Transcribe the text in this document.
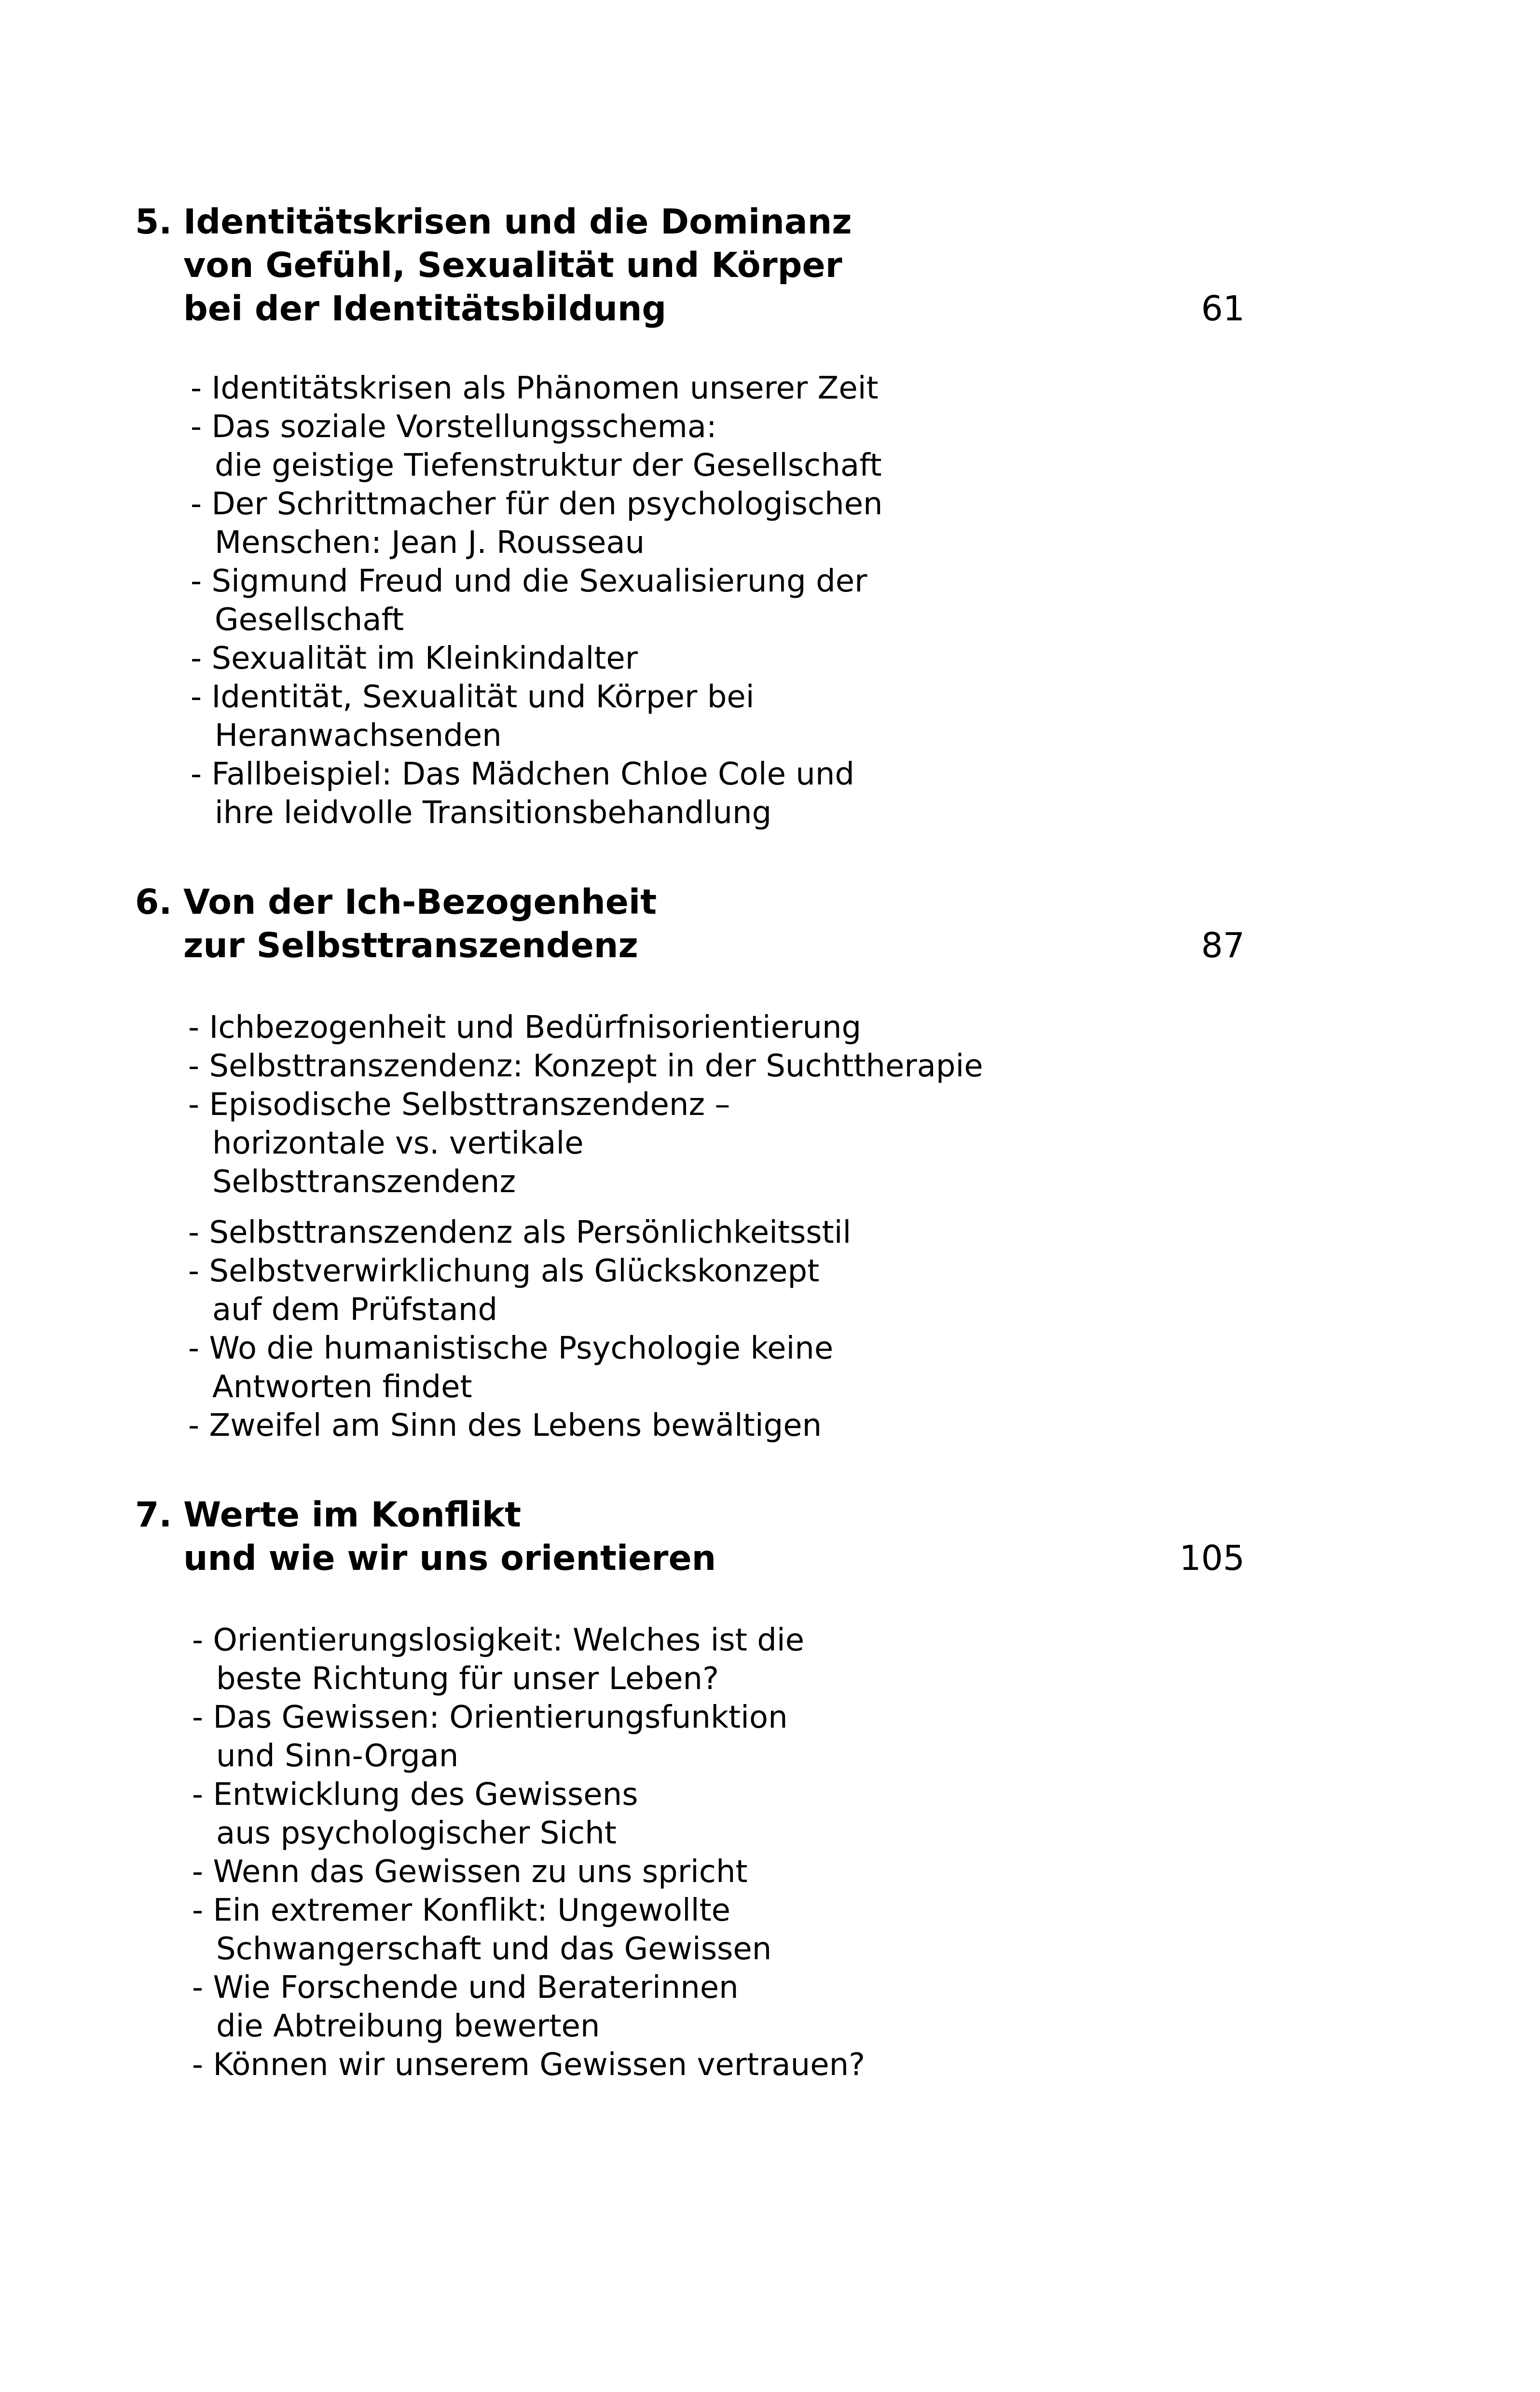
5. Identitätskrisen und die Dominanz
von Gefühl, Sexualität und Körper
bei der Identitätsbildung	61
- Identitätskrisen als Phänomen unserer Zeit
- Das soziale Vorstellungsschema:
die geistige Tiefenstruktur der Gesellschaft
- Der Schrittmacher für den psychologischen
Menschen: Jean J. Rousseau
- Sigmund Freud und die Sexualisierung der
Gesellschaft
- Sexualität im Kleinkindalter
- Identität, Sexualität und Körper bei
Heranwachsenden
- Fallbeispiel: Das Mädchen Chloe Cole und
ihre leidvolle Transitionsbehandlung
6. Von der Ich-Bezogenheit
zur Selbsttranszendenz	87
- Ichbezogenheit und Bedürfnisorientierung
- Selbsttranszendenz: Konzept in der Suchttherapie
- Episodische Selbsttranszendenz –
horizontale vs. vertikale
Selbsttranszendenz
- Selbsttranszendenz als Persönlichkeitsstil
- Selbstverwirklichung als Glückskonzept
auf dem Prüfstand
- Wo die humanistische Psychologie keine
Antworten findet
- Zweifel am Sinn des Lebens bewältigen
7. Werte im Konflikt
und wie wir uns orientieren	105
- Orientierungslosigkeit: Welches ist die
beste Richtung für unser Leben?
- Das Gewissen: Orientierungsfunktion
und Sinn-Organ
- Entwicklung des Gewissens
aus psychologischer Sicht
- Wenn das Gewissen zu uns spricht
- Ein extremer Konflikt: Ungewollte
Schwangerschaft und das Gewissen
- Wie Forschende und Beraterinnen
die Abtreibung bewerten
- Können wir unserem Gewissen vertrauen?
